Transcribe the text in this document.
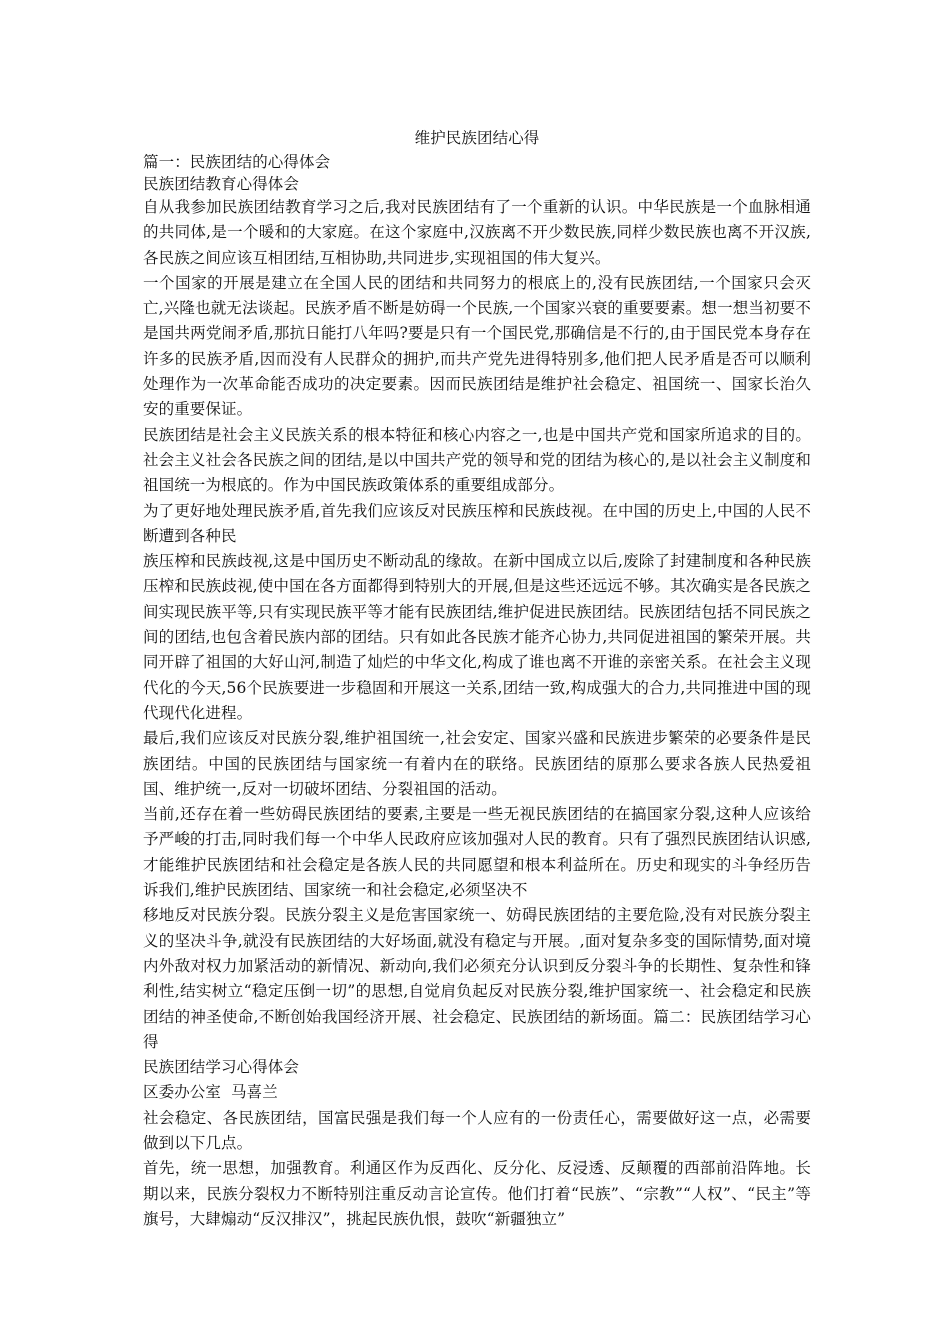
维护民族团结心得
篇一：民族团结的心得体会
民族团结教育心得体会
自从我参加民族团结教育学习之后,我对民族团结有了一个重新的认识。中华民族是一个血脉相通的共同体,是一个暖和的大家庭。在这个家庭中,汉族离不开少数民族,同样少数民族也离不开汉族,各民族之间应该互相团结,互相协助,共同进步,实现祖国的伟大复兴。
一个国家的开展是建立在全国人民的团结和共同努力的根底上的,没有民族团结,一个国家只会灭亡,兴隆也就无法谈起。民族矛盾不断是妨碍一个民族,一个国家兴衰的重要要素。想一想当初要不是国共两党闹矛盾,那抗日能打八年吗?要是只有一个国民党,那确信是不行的,由于国民党本身存在许多的民族矛盾,因而没有人民群众的拥护,而共产党先进得特别多,他们把人民矛盾是否可以顺利处理作为一次革命能否成功的决定要素。因而民族团结是维护社会稳定、祖国统一、国家长治久安的重要保证。
民族团结是社会主义民族关系的根本特征和核心内容之一,也是中国共产党和国家所追求的目的。社会主义社会各民族之间的团结,是以中国共产党的领导和党的团结为核心的,是以社会主义制度和祖国统一为根底的。作为中国民族政策体系的重要组成部分。
为了更好地处理民族矛盾,首先我们应该反对民族压榨和民族歧视。在中国的历史上,中国的人民不断遭到各种民
族压榨和民族歧视,这是中国历史不断动乱的缘故。在新中国成立以后,废除了封建制度和各种民族压榨和民族歧视,使中国在各方面都得到特别大的开展,但是这些还远远不够。其次确实是各民族之间实现民族平等,只有实现民族平等才能有民族团结,维护促进民族团结。民族团结包括不同民族之间的团结,也包含着民族内部的团结。只有如此各民族才能齐心协力,共同促进祖国的繁荣开展。共同开辟了祖国的大好山河,制造了灿烂的中华文化,构成了谁也离不开谁的亲密关系。在社会主义现代化的今天,56个民族要进一步稳固和开展这一关系,团结一致,构成强大的合力,共同推进中国的现代现代化进程。
最后,我们应该反对民族分裂,维护祖国统一,社会安定、国家兴盛和民族进步繁荣的必要条件是民族团结。中国的民族团结与国家统一有着内在的联络。民族团结的原那么要求各族人民热爱祖国、维护统一,反对一切破坏团结、分裂祖国的活动。
当前,还存在着一些妨碍民族团结的要素,主要是一些无视民族团结的在搞国家分裂,这种人应该给予严峻的打击,同时我们每一个中华人民政府应该加强对人民的教育。只有了强烈民族团结认识感,才能维护民族团结和社会稳定是各族人民的共同愿望和根本利益所在。历史和现实的斗争经历告诉我们,维护民族团结、国家统一和社会稳定,必须坚决不
移地反对民族分裂。民族分裂主义是危害国家统一、妨碍民族团结的主要危险,没有对民族分裂主义的坚决斗争,就没有民族团结的大好场面,就没有稳定与开展。,面对复杂多变的国际情势,面对境内外敌对权力加紧活动的新情况、新动向,我们必须充分认识到反分裂斗争的长期性、复杂性和锋利性,结实树立“稳定压倒一切”的思想,自觉肩负起反对民族分裂,维护国家统一、社会稳定和民族团结的神圣使命,不断创始我国经济开展、社会稳定、民族团结的新场面。篇二：民族团结学习心得
民族团结学习心得体会
区委办公室  马喜兰
社会稳定、各民族团结，国富民强是我们每一个人应有的一份责任心，需要做好这一点，必需要做到以下几点。
首先，统一思想，加强教育。利通区作为反西化、反分化、反浸透、反颠覆的西部前沿阵地。长期以来，民族分裂权力不断特别注重反动言论宣传。他们打着“民族”、“宗教”“人权”、“民主”等旗号，大肆煽动“反汉排汉”，挑起民族仇恨，鼓吹“新疆独立”
